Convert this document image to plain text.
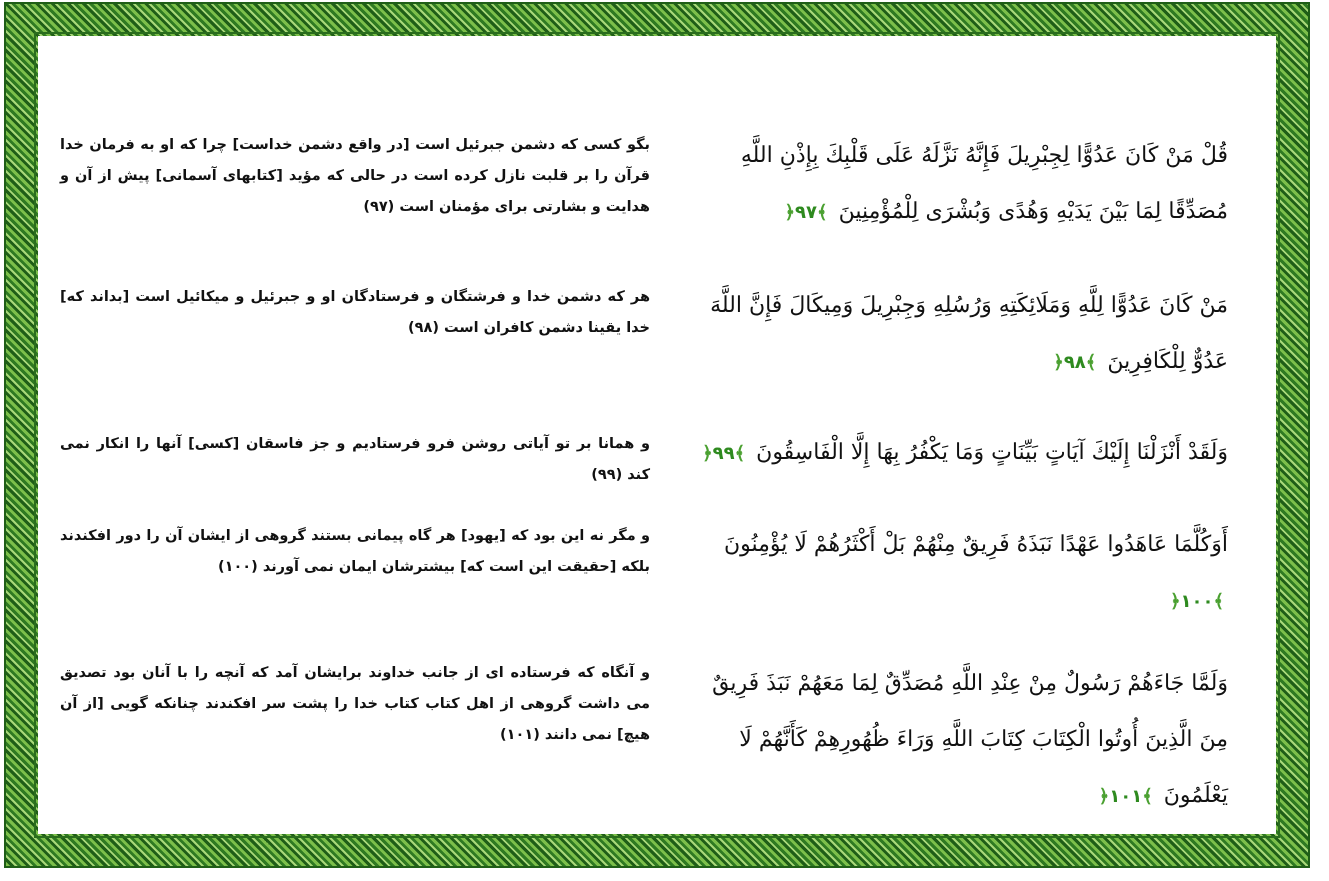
قُلْ مَنْ كَانَ عَدُوًّا لِجِبْرِيلَ فَإِنَّهُ نَزَّلَهُ عَلَى قَلْبِكَ بِإِذْنِ اللَّهِ مُصَدِّقًا لِمَا بَيْنَ يَدَيْهِ وَهُدًى وَبُشْرَى لِلْمُؤْمِنِينَ ﴾۹۷﴿
بگو کسی که دشمن جبرئیل است [در واقع دشمن خداست] چرا که او به فرمان خدا قرآن را بر قلبت نازل کرده است در حالی که مؤید [کتابهای آسمانی] پیش از آن و هدایت و بشارتی برای مؤمنان است (۹۷)
مَنْ كَانَ عَدُوًّا لِلَّهِ وَمَلَائِكَتِهِ وَرُسُلِهِ وَجِبْرِيلَ وَمِيكَالَ فَإِنَّ اللَّهَ عَدُوٌّ لِلْكَافِرِينَ ﴾۹۸﴿
هر که دشمن خدا و فرشتگان و فرستادگان او و جبرئیل و میکائیل است [بداند که] خدا یقینا دشمن کافران است (۹۸)
وَلَقَدْ أَنْزَلْنَا إِلَيْكَ آيَاتٍ بَيِّنَاتٍ وَمَا يَكْفُرُ بِهَا إِلَّا الْفَاسِقُونَ ﴾۹۹﴿
و همانا بر تو آیاتی روشن فرو فرستادیم و جز فاسقان [کسی] آنها را انکار نمی کند (۹۹)
أَوَكُلَّمَا عَاهَدُوا عَهْدًا نَبَذَهُ فَرِيقٌ مِنْهُمْ بَلْ أَكْثَرُهُمْ لَا يُؤْمِنُونَ ﴾۱۰۰﴿
و مگر نه این بود که [یهود] هر گاه پیمانی بستند گروهی از ایشان آن را دور افکندند بلکه [حقیقت این است که] بیشترشان ایمان نمی آورند (۱۰۰)
وَلَمَّا جَاءَهُمْ رَسُولٌ مِنْ عِنْدِ اللَّهِ مُصَدِّقٌ لِمَا مَعَهُمْ نَبَذَ فَرِيقٌ مِنَ الَّذِينَ أُوتُوا الْكِتَابَ كِتَابَ اللَّهِ وَرَاءَ ظُهُورِهِمْ كَأَنَّهُمْ لَا يَعْلَمُونَ ﴾۱۰۱﴿
و آنگاه که فرستاده ای از جانب خداوند برایشان آمد که آنچه را با آنان بود تصدیق می داشت گروهی از اهل کتاب کتاب خدا را پشت سر افکندند چنانکه گویی [از آن هیچ] نمی دانند (۱۰۱)
